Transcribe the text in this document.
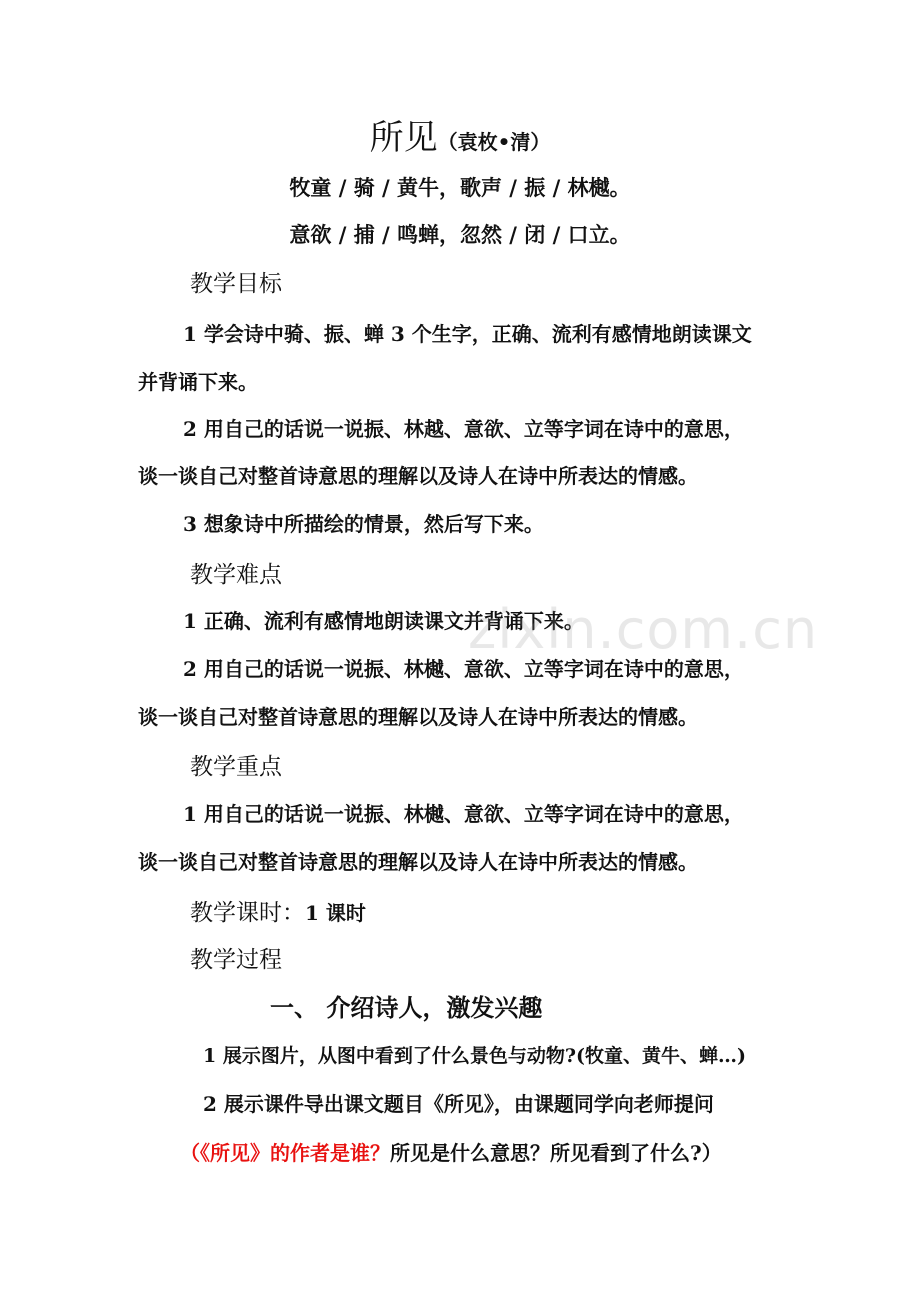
所见（袁枚•清）
牧童 / 骑 / 黄牛，歌声 / 振 / 林樾。
意欲 / 捕 / 鸣蝉，忽然 / 闭 / 口立。
教学目标
1 学会诗中骑、振、蝉 3 个生字，正确、流利有感情地朗读课文
并背诵下来。
2 用自己的话说一说振、林越、意欲、立等字词在诗中的意思，
谈一谈自己对整首诗意思的理解以及诗人在诗中所表达的情感。
3 想象诗中所描绘的情景，然后写下来。
教学难点
1 正确、流利有感情地朗读课文并背诵下来。
2 用自己的话说一说振、林樾、意欲、立等字词在诗中的意思，
谈一谈自己对整首诗意思的理解以及诗人在诗中所表达的情感。
教学重点
1 用自己的话说一说振、林樾、意欲、立等字词在诗中的意思，
谈一谈自己对整首诗意思的理解以及诗人在诗中所表达的情感。
教学课时：1 课时
教学过程
一、 介绍诗人，激发兴趣
1 展示图片，从图中看到了什么景色与动物?(牧童、黄牛、蝉…)
2 展示课件导出课文题目《所见》，由课题同学向老师提问
（《所见》的作者是谁？所见是什么意思？所见看到了什么?）
zixin.com.cn
